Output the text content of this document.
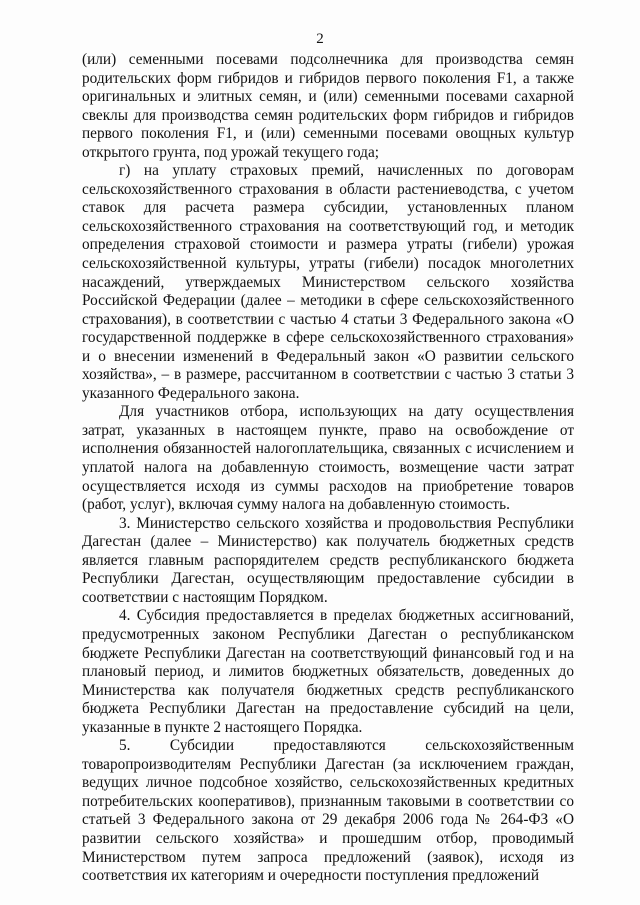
2

(или) семенными посевами подсолнечника для производства семян родительских форм гибридов и гибридов первого поколения F1, а также оригинальных и элитных семян, и (или) семенными посевами сахарной свеклы для производства семян родительских форм гибридов и гибридов первого поколения F1, и (или) семенными посевами овощных культур открытого грунта, под урожай текущего года;

г) на уплату страховых премий, начисленных по договорам сельскохозяйственного страхования в области растениеводства, с учетом ставок для расчета размера субсидии, установленных планом сельскохозяйственного страхования на соответствующий год, и методик определения страховой стоимости и размера утраты (гибели) урожая сельскохозяйственной культуры, утраты (гибели) посадок многолетних насаждений, утверждаемых Министерством сельского хозяйства Российской Федерации (далее – методики в сфере сельскохозяйственного страхования), в соответствии с частью 4 статьи 3 Федерального закона «О государственной поддержке в сфере сельскохозяйственного страхования» и о внесении изменений в Федеральный закон «О развитии сельского хозяйства», – в размере, рассчитанном в соответствии с частью 3 статьи 3 указанного Федерального закона.

Для участников отбора, использующих на дату осуществления затрат, указанных в настоящем пункте, право на освобождение от исполнения обязанностей налогоплательщика, связанных с исчислением и уплатой налога на добавленную стоимость, возмещение части затрат осуществляется исходя из суммы расходов на приобретение товаров (работ, услуг), включая сумму налога на добавленную стоимость.

3. Министерство сельского хозяйства и продовольствия Республики Дагестан (далее – Министерство) как получатель бюджетных средств является главным распорядителем средств республиканского бюджета Республики Дагестан, осуществляющим предоставление субсидии в соответствии с настоящим Порядком.

4. Субсидия предоставляется в пределах бюджетных ассигнований, предусмотренных законом Республики Дагестан о республиканском бюджете Республики Дагестан на соответствующий финансовый год и на плановый период, и лимитов бюджетных обязательств, доведенных до Министерства как получателя бюджетных средств республиканского бюджета Республики Дагестан на предоставление субсидий на цели, указанные в пункте 2 настоящего Порядка.

5. Субсидии предоставляются сельскохозяйственным товаропроизводителям Республики Дагестан (за исключением граждан, ведущих личное подсобное хозяйство, сельскохозяйственных кредитных потребительских кооперативов), признанным таковыми в соответствии со статьей 3 Федерального закона от 29 декабря 2006 года № 264-ФЗ «О развитии сельского хозяйства» и прошедшим отбор, проводимый Министерством путем запроса предложений (заявок), исходя из соответствия их категориям и очередности поступления предложений
